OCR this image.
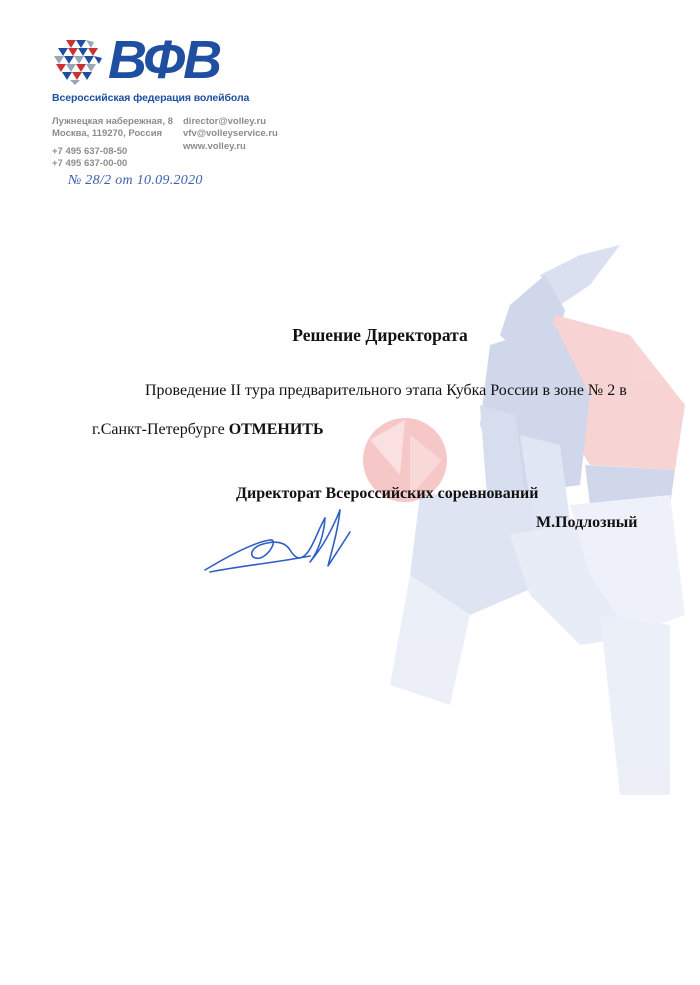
ВФВ
Всероссийская федерация волейбола
Лужнецкая набережная, 8
Москва, 119270, Россия
+7 495 637-08-50
+7 495 637-00-00
director@volley.ru
vfv@volleyservice.ru
www.volley.ru
№ 28/2 от 10.09.2020
Решение Директората
Проведение II тура предварительного этапа Кубка России в зоне № 2 в
г.Санкт-Петербурге ОТМЕНИТЬ
Директорат Всероссийских соревнований
М.Подлозный
